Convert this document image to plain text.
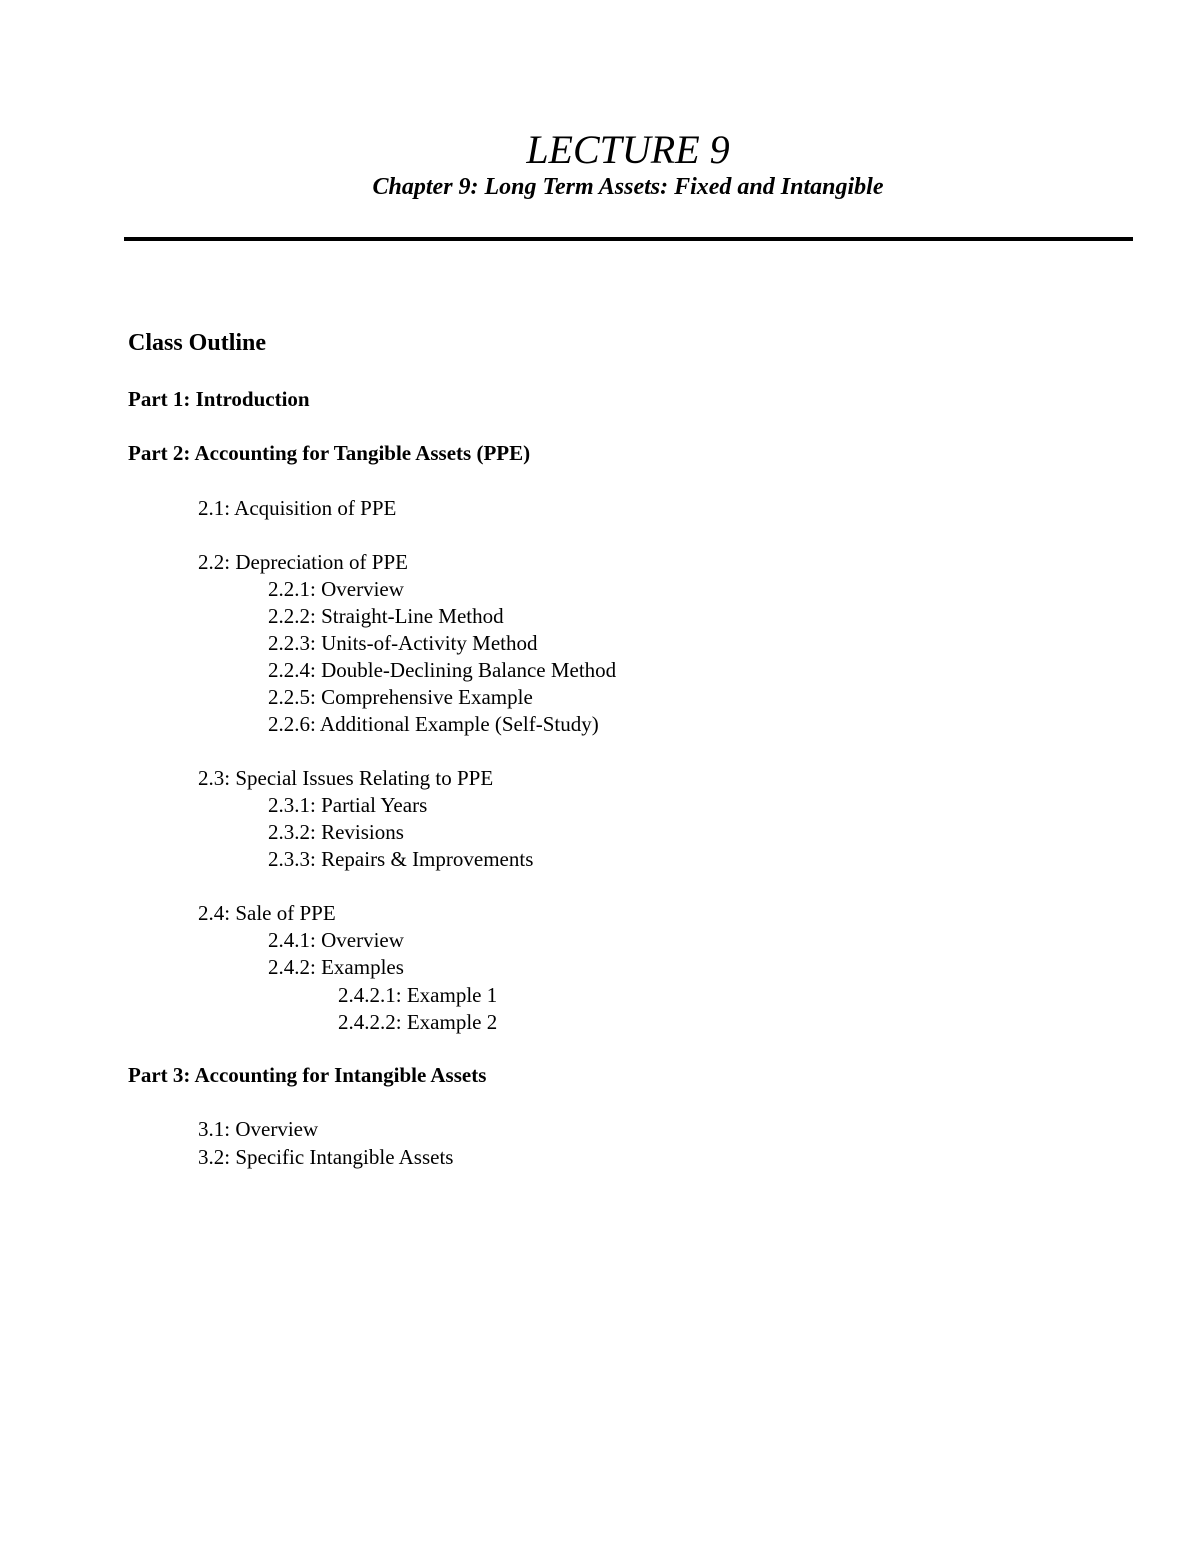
LECTURE 9
Chapter 9: Long Term Assets: Fixed and Intangible
Class Outline
Part 1: Introduction
Part 2: Accounting for Tangible Assets (PPE)
2.1: Acquisition of PPE
2.2: Depreciation of PPE
2.2.1: Overview
2.2.2: Straight-Line Method
2.2.3: Units-of-Activity Method
2.2.4: Double-Declining Balance Method
2.2.5: Comprehensive Example
2.2.6: Additional Example (Self-Study)
2.3: Special Issues Relating to PPE
2.3.1: Partial Years
2.3.2: Revisions
2.3.3: Repairs & Improvements
2.4: Sale of PPE
2.4.1: Overview
2.4.2: Examples
2.4.2.1: Example 1
2.4.2.2: Example 2
Part 3: Accounting for Intangible Assets
3.1: Overview
3.2: Specific Intangible Assets
